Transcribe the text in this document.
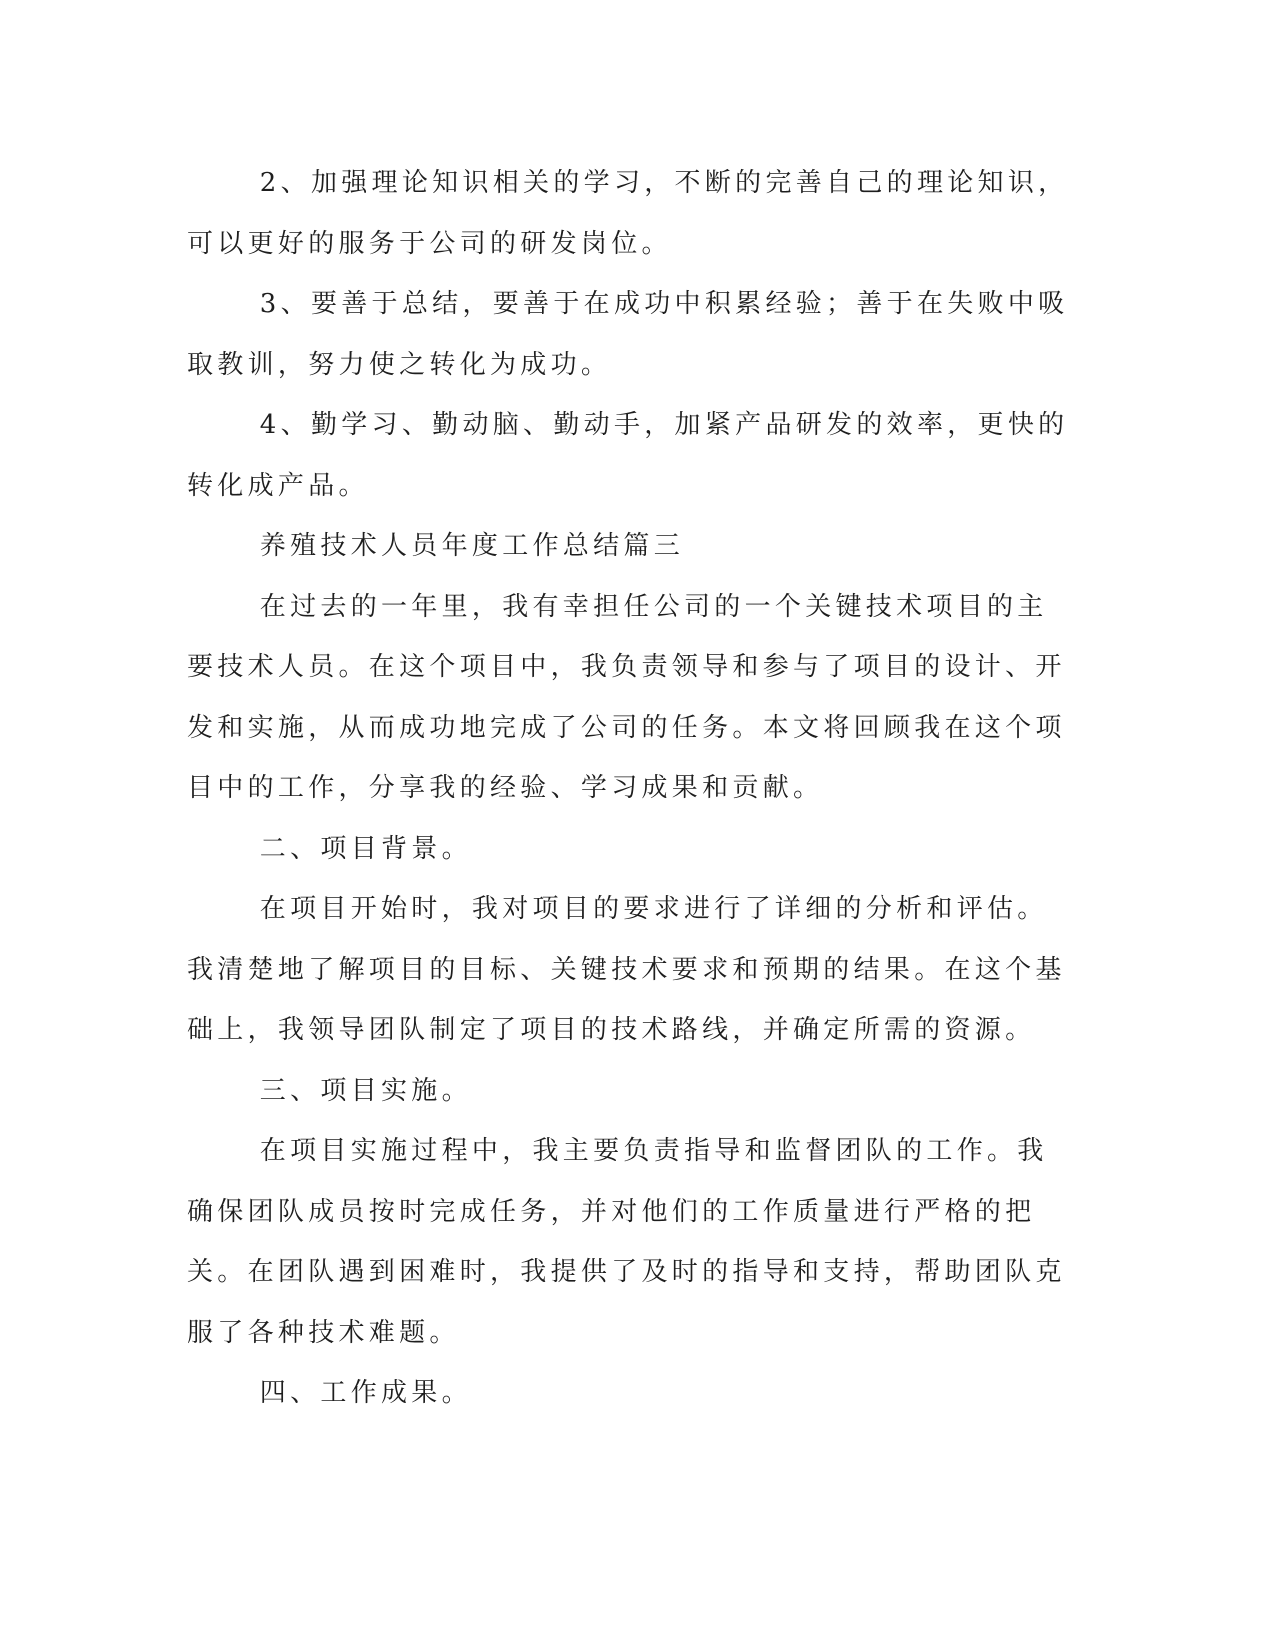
2、加强理论知识相关的学习，不断的完善自己的理论知识，可以更好的服务于公司的研发岗位。

3、要善于总结，要善于在成功中积累经验；善于在失败中吸取教训，努力使之转化为成功。

4、勤学习、勤动脑、勤动手，加紧产品研发的效率，更快的转化成产品。

养殖技术人员年度工作总结篇三

在过去的一年里，我有幸担任公司的一个关键技术项目的主要技术人员。在这个项目中，我负责领导和参与了项目的设计、开发和实施，从而成功地完成了公司的任务。本文将回顾我在这个项目中的工作，分享我的经验、学习成果和贡献。

二、项目背景。

在项目开始时，我对项目的要求进行了详细的分析和评估。我清楚地了解项目的目标、关键技术要求和预期的结果。在这个基础上，我领导团队制定了项目的技术路线，并确定所需的资源。

三、项目实施。

在项目实施过程中，我主要负责指导和监督团队的工作。我确保团队成员按时完成任务，并对他们的工作质量进行严格的把关。在团队遇到困难时，我提供了及时的指导和支持，帮助团队克服了各种技术难题。

四、工作成果。
